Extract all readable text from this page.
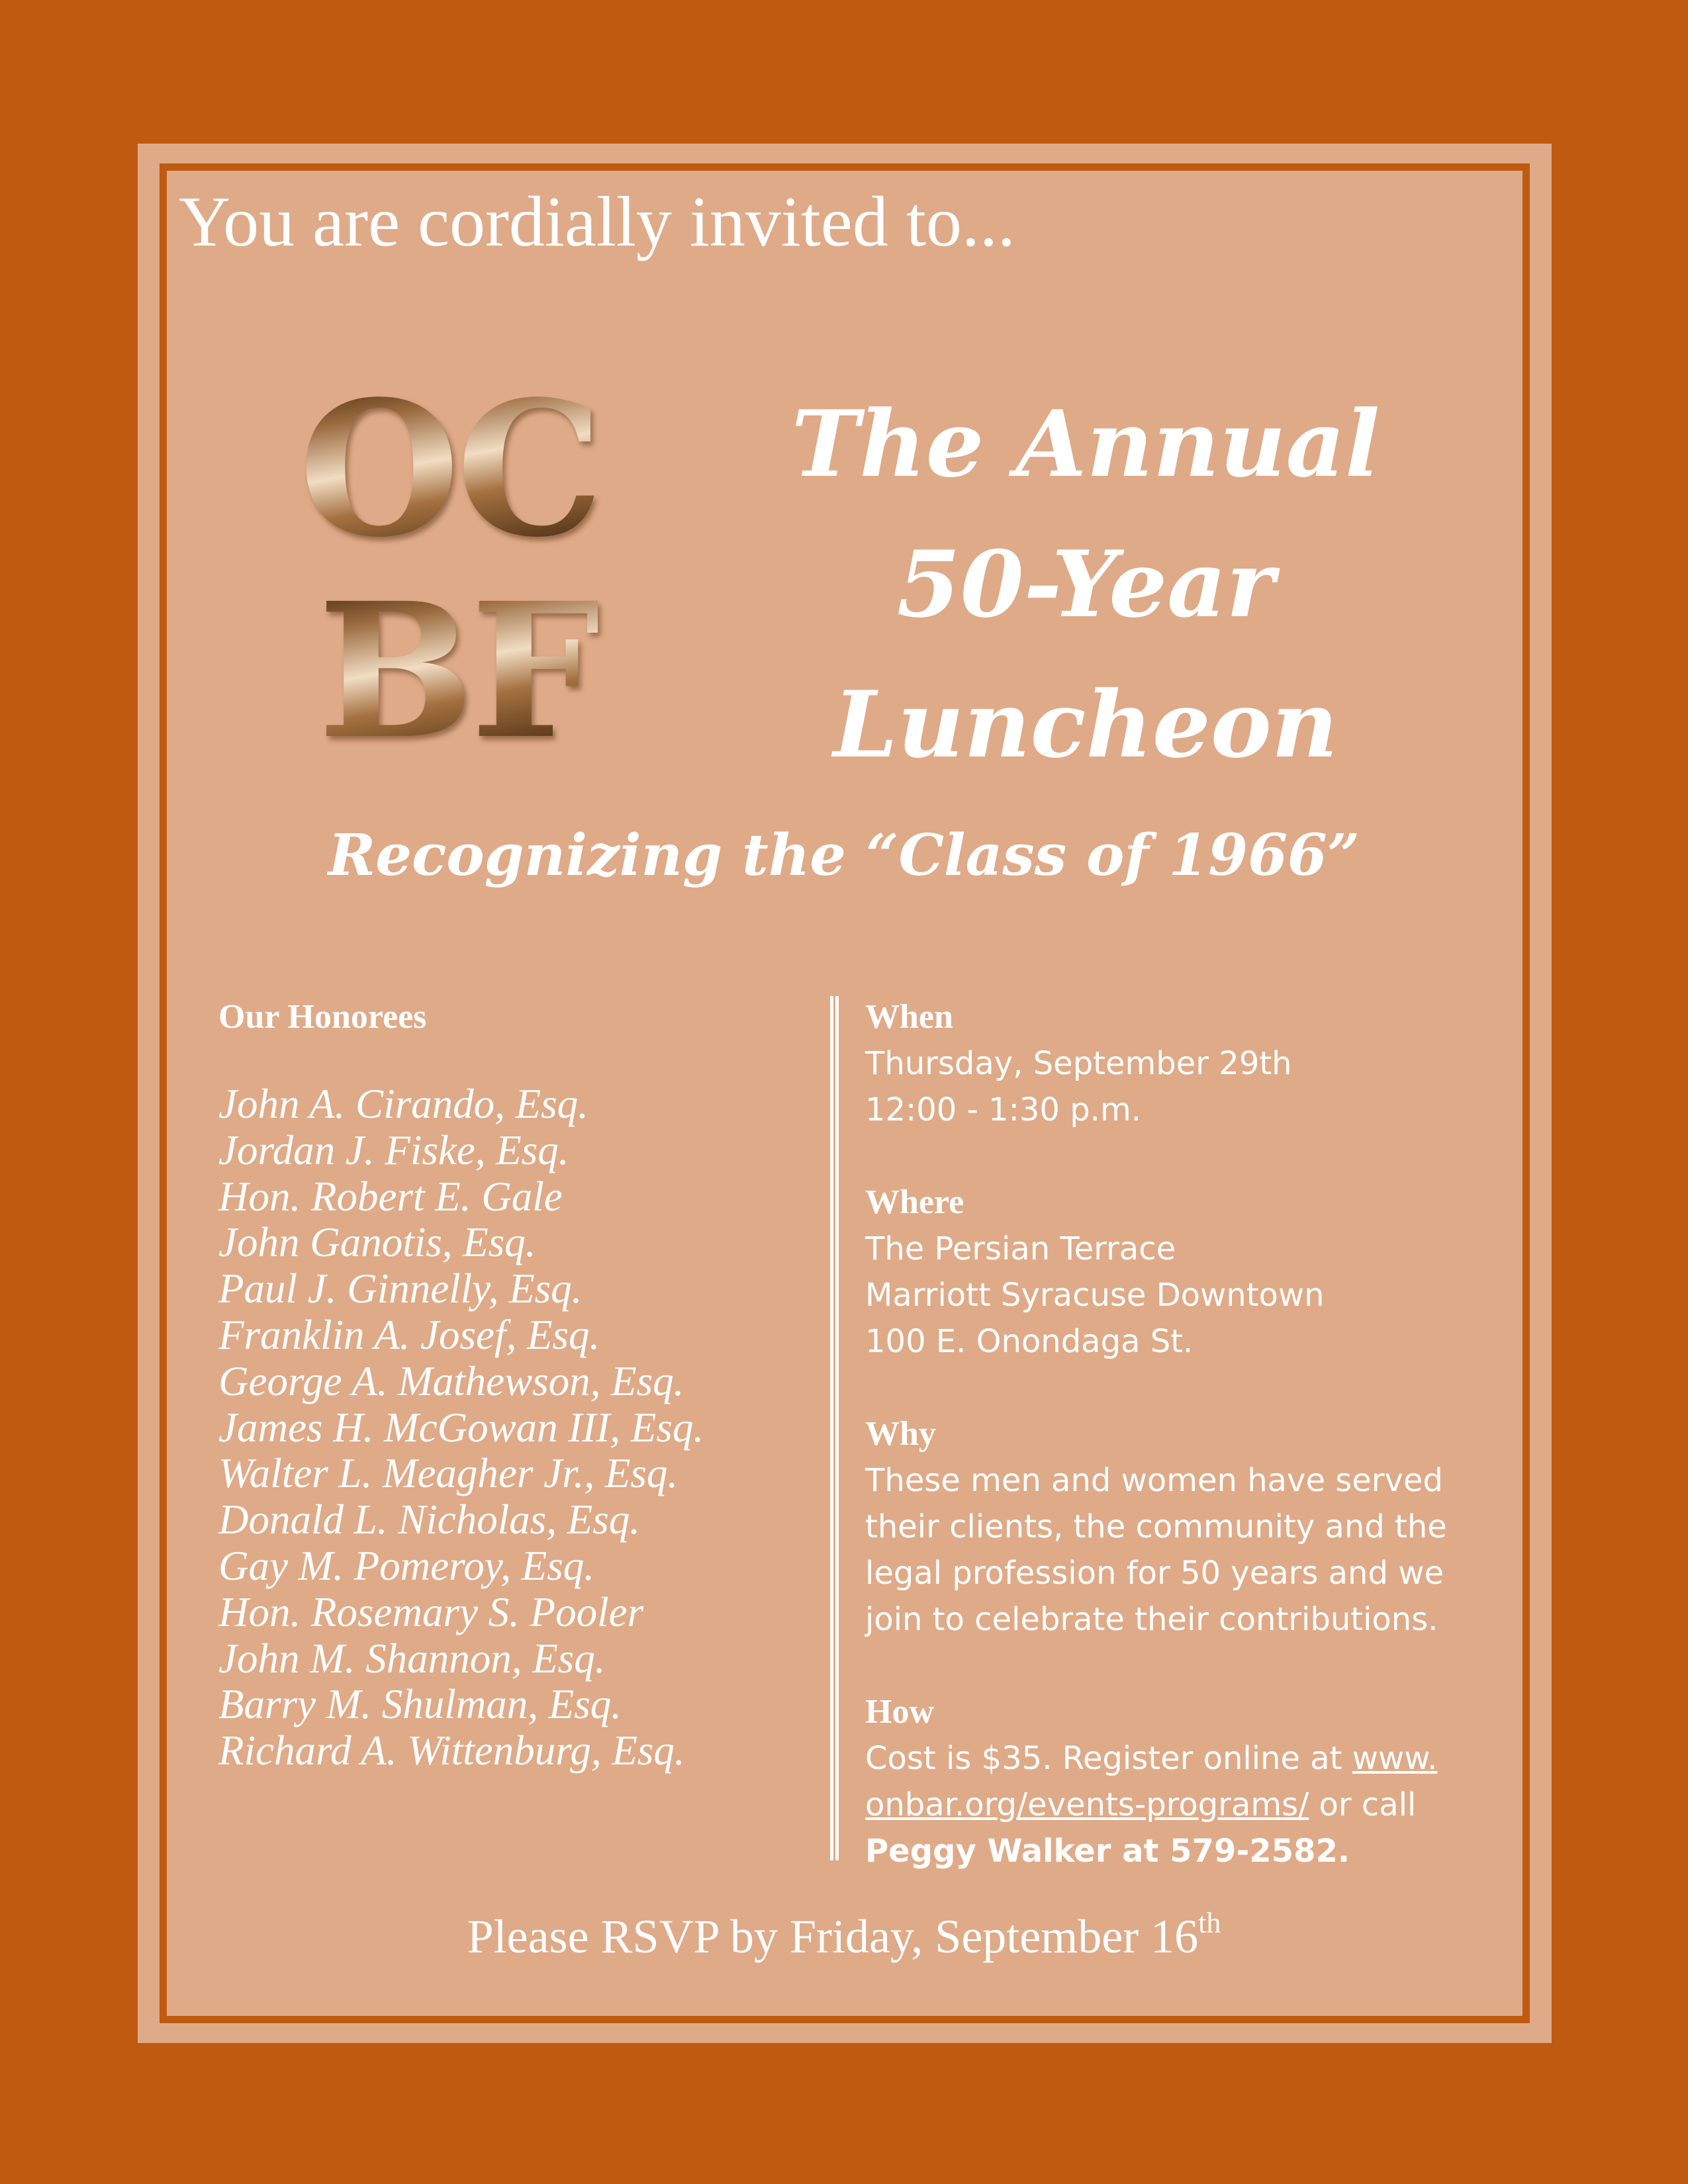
You are cordially invited to...
OC
BF
The Annual
50-Year
Luncheon
Recognizing the “Class of 1966”
Our Honorees
John A. Cirando, Esq.
Jordan J. Fiske, Esq.
Hon. Robert E. Gale
John Ganotis, Esq.
Paul J. Ginnelly, Esq.
Franklin A. Josef, Esq.
George A. Mathewson, Esq.
James H. McGowan III, Esq.
Walter L. Meagher Jr., Esq.
Donald L. Nicholas, Esq.
Gay M. Pomeroy, Esq.
Hon. Rosemary S. Pooler
John M. Shannon, Esq.
Barry M. Shulman, Esq.
Richard A. Wittenburg, Esq.
When

Thursday, September 29th

12:00 - 1:30 p.m.

Where

The Persian Terrace

Marriott Syracuse Downtown

100 E. Onondaga St.

Why

These men and women have served

their clients, the community and the

legal profession for 50 years and we

join to celebrate their contributions.

How

Cost is $35. Register online at www.

onbar.org/events-programs/ or call

Peggy Walker at 579-2582.

Please RSVP by Friday, September 16th
